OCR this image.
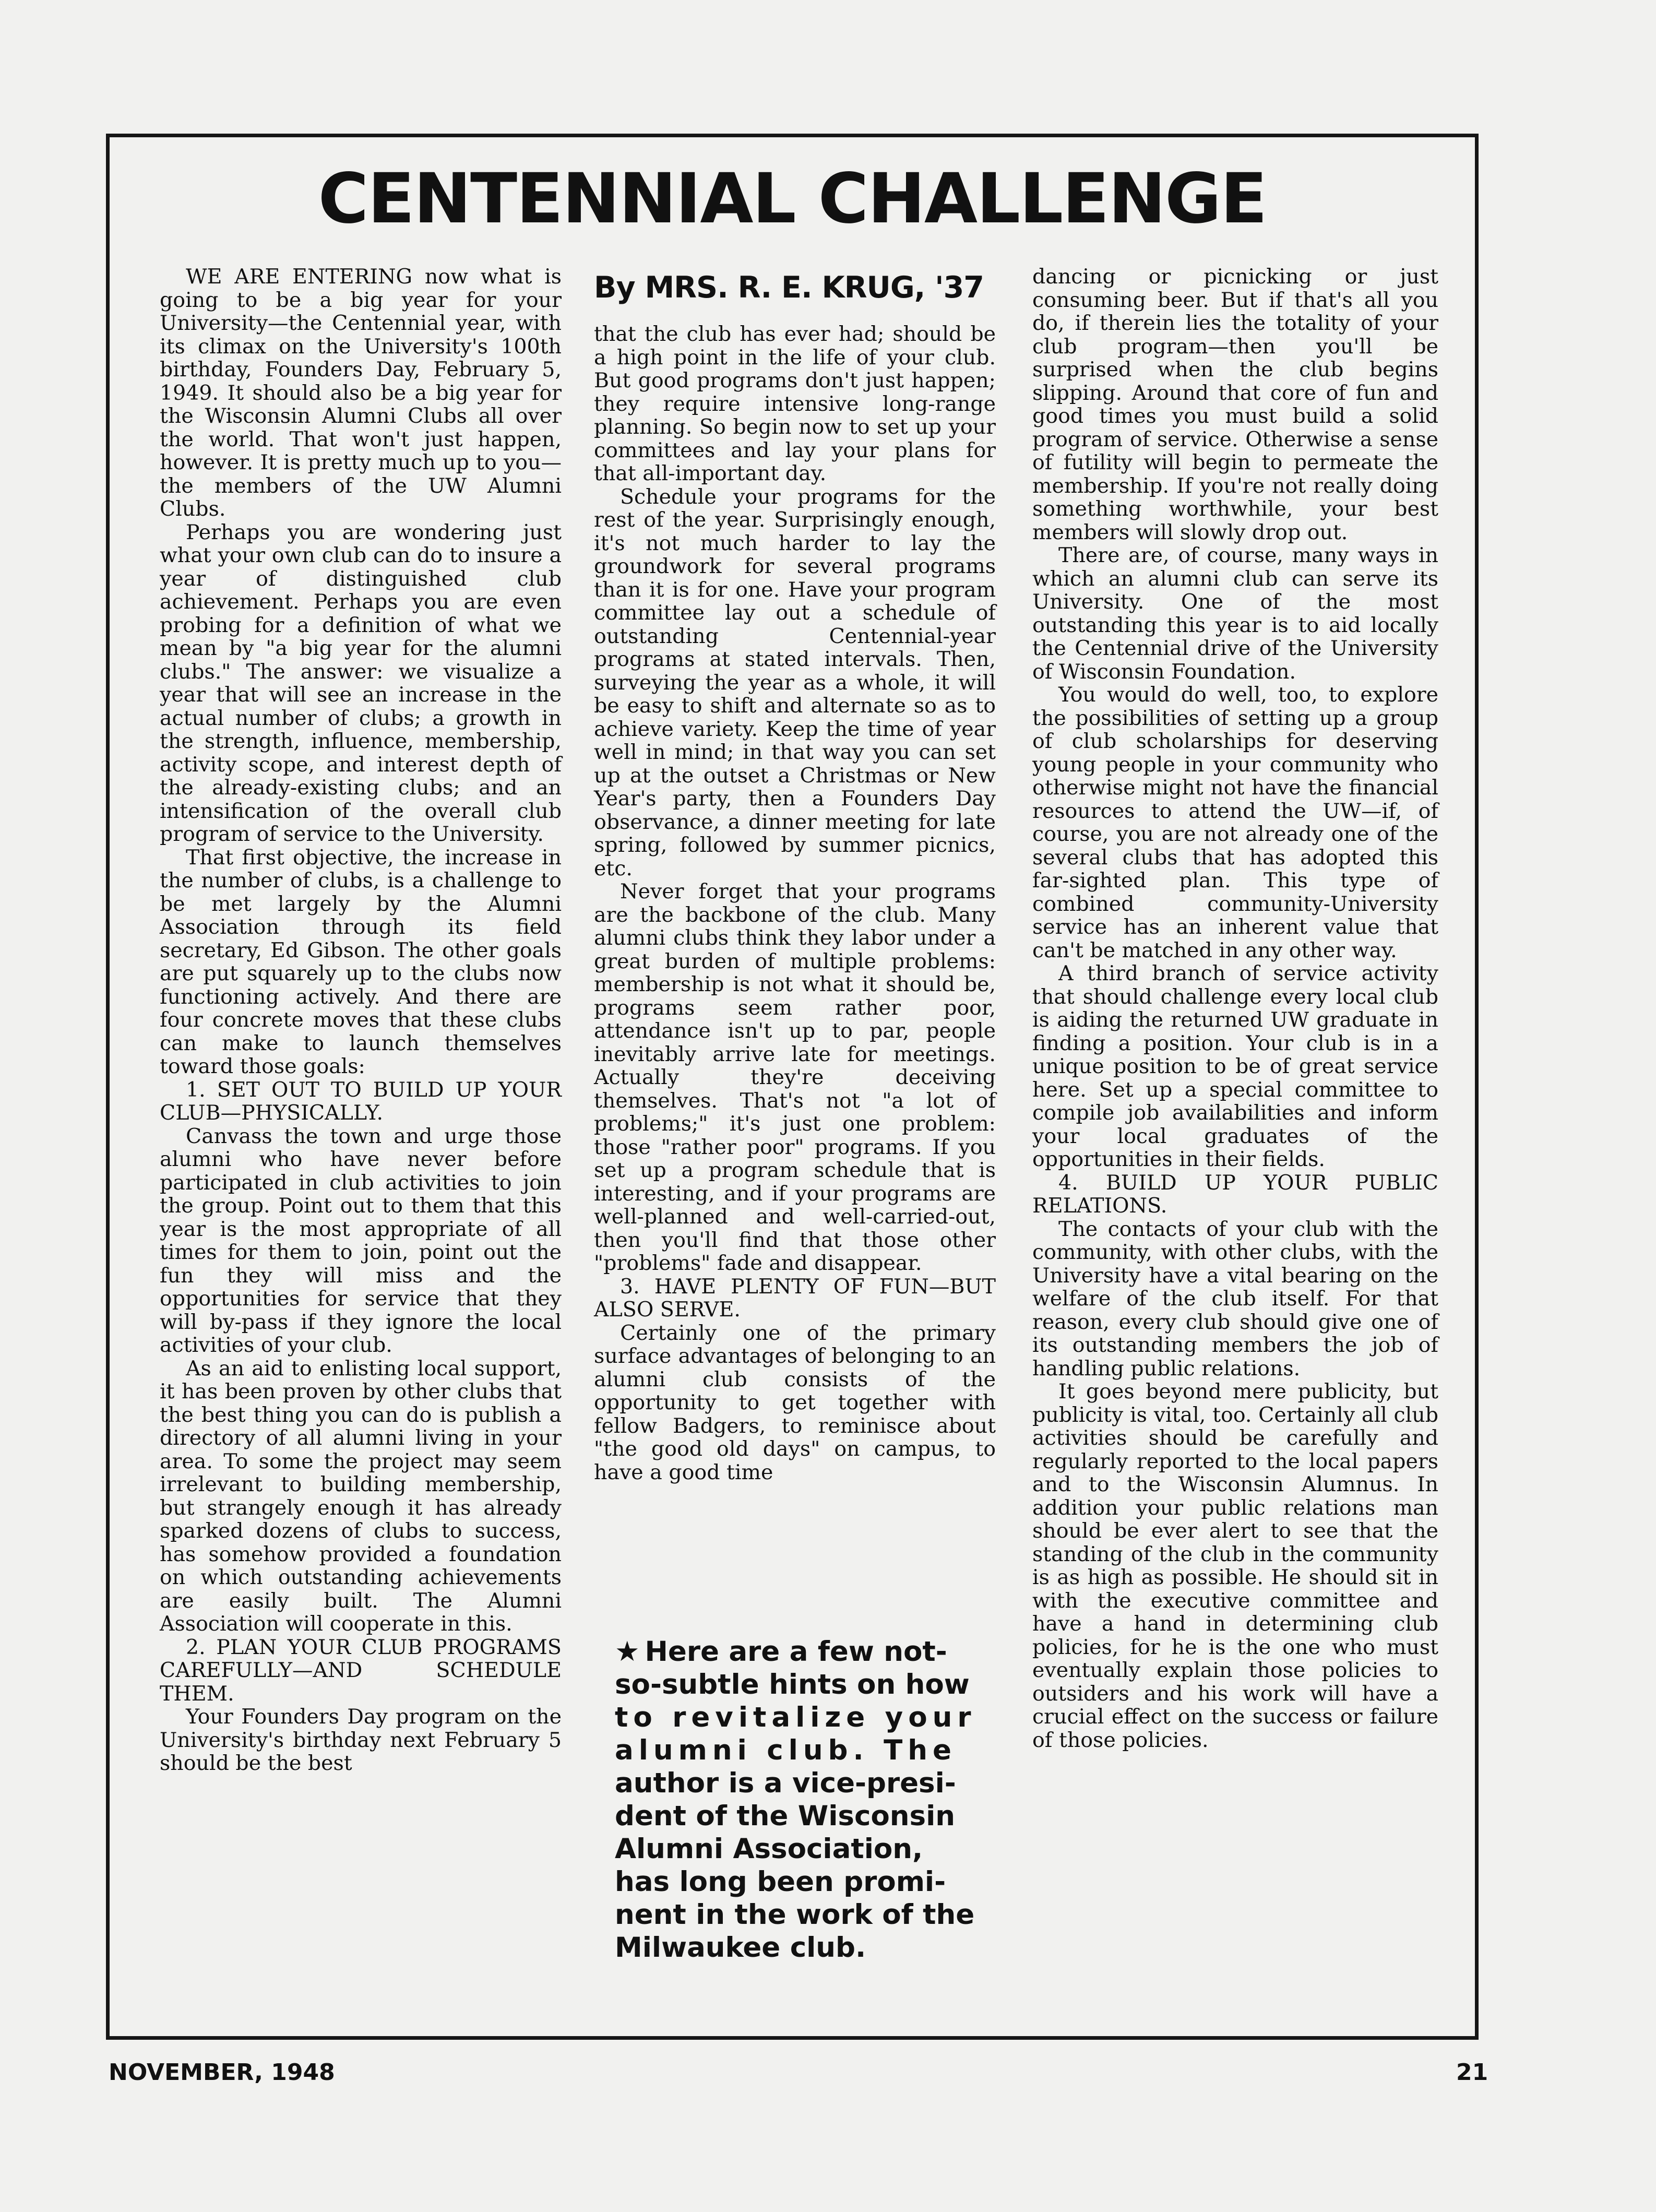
CENTENNIAL CHALLENGE

WE ARE ENTERING now what is going to be a big year for your University—the Centennial year, with its climax on the University's 100th birthday, Founders Day, February 5, 1949. It should also be a big year for the Wisconsin Alumni Clubs all over the world. That won't just happen, however. It is pretty much up to you—the members of the UW Alumni Clubs.

Perhaps you are wondering just what your own club can do to insure a year of distinguished club achievement. Perhaps you are even probing for a definition of what we mean by "a big year for the alumni clubs." The answer: we visualize a year that will see an increase in the actual number of clubs; a growth in the strength, influence, membership, activity scope, and interest depth of the already-existing clubs; and an intensification of the overall club program of service to the University.

That first objective, the increase in the number of clubs, is a challenge to be met largely by the Alumni Association through its field secretary, Ed Gibson. The other goals are put squarely up to the clubs now functioning actively. And there are four concrete moves that these clubs can make to launch themselves toward those goals:

1. SET OUT TO BUILD UP YOUR CLUB—PHYSICALLY.

Canvass the town and urge those alumni who have never before participated in club activities to join the group. Point out to them that this year is the most appropriate of all times for them to join, point out the fun they will miss and the opportunities for service that they will by-pass if they ignore the local activities of your club.

As an aid to enlisting local support, it has been proven by other clubs that the best thing you can do is publish a directory of all alumni living in your area. To some the project may seem irrelevant to building membership, but strangely enough it has already sparked dozens of clubs to success, has somehow provided a foundation on which outstanding achievements are easily built. The Alumni Association will cooperate in this.

2. PLAN YOUR CLUB PROGRAMS CAREFULLY—AND SCHEDULE THEM.

Your Founders Day program on the University's birthday next February 5 should be the best

By MRS. R. E. KRUG, '37

that the club has ever had; should be a high point in the life of your club. But good programs don't just happen; they require intensive long-range planning. So begin now to set up your committees and lay your plans for that all-important day.

Schedule your programs for the rest of the year. Surprisingly enough, it's not much harder to lay the groundwork for several programs than it is for one. Have your program committee lay out a schedule of outstanding Centennial-year programs at stated intervals. Then, surveying the year as a whole, it will be easy to shift and alternate so as to achieve variety. Keep the time of year well in mind; in that way you can set up at the outset a Christmas or New Year's party, then a Founders Day observance, a dinner meeting for late spring, followed by summer picnics, etc.

Never forget that your programs are the backbone of the club. Many alumni clubs think they labor under a great burden of multiple problems: membership is not what it should be, programs seem rather poor, attendance isn't up to par, people inevitably arrive late for meetings. Actually they're deceiving themselves. That's not "a lot of problems;" it's just one problem: those "rather poor" programs. If you set up a program schedule that is interesting, and if your programs are well-planned and well-carried-out, then you'll find that those other "problems" fade and disappear.

3. HAVE PLENTY OF FUN—BUT ALSO SERVE.

Certainly one of the primary surface advantages of belonging to an alumni club consists of the opportunity to get together with fellow Badgers, to reminisce about "the good old days" on campus, to have a good time

★ Here are a few not-
so-subtle hints on how
to revitalize your
alumni club. The
author is a vice-presi-
dent of the Wisconsin
Alumni Association,
has long been promi-
nent in the work of the
Milwaukee club.

dancing or picnicking or just consuming beer. But if that's all you do, if therein lies the totality of your club program—then you'll be surprised when the club begins slipping. Around that core of fun and good times you must build a solid program of service. Otherwise a sense of futility will begin to permeate the membership. If you're not really doing something worthwhile, your best members will slowly drop out.

There are, of course, many ways in which an alumni club can serve its University. One of the most outstanding this year is to aid locally the Centennial drive of the University of Wisconsin Foundation.

You would do well, too, to explore the possibilities of setting up a group of club scholarships for deserving young people in your community who otherwise might not have the financial resources to attend the UW—if, of course, you are not already one of the several clubs that has adopted this far-sighted plan. This type of combined community-University service has an inherent value that can't be matched in any other way.

A third branch of service activity that should challenge every local club is aiding the returned UW graduate in finding a position. Your club is in a unique position to be of great service here. Set up a special committee to compile job availabilities and inform your local graduates of the opportunities in their fields.

4. BUILD UP YOUR PUBLIC RELATIONS.

The contacts of your club with the community, with other clubs, with the University have a vital bearing on the welfare of the club itself. For that reason, every club should give one of its outstanding members the job of handling public relations.

It goes beyond mere publicity, but publicity is vital, too. Certainly all club activities should be carefully and regularly reported to the local papers and to the Wisconsin Alumnus. In addition your public relations man should be ever alert to see that the standing of the club in the community is as high as possible. He should sit in with the executive committee and have a hand in determining club policies, for he is the one who must eventually explain those policies to outsiders and his work will have a crucial effect on the success or failure of those policies.

NOVEMBER, 1948	21
